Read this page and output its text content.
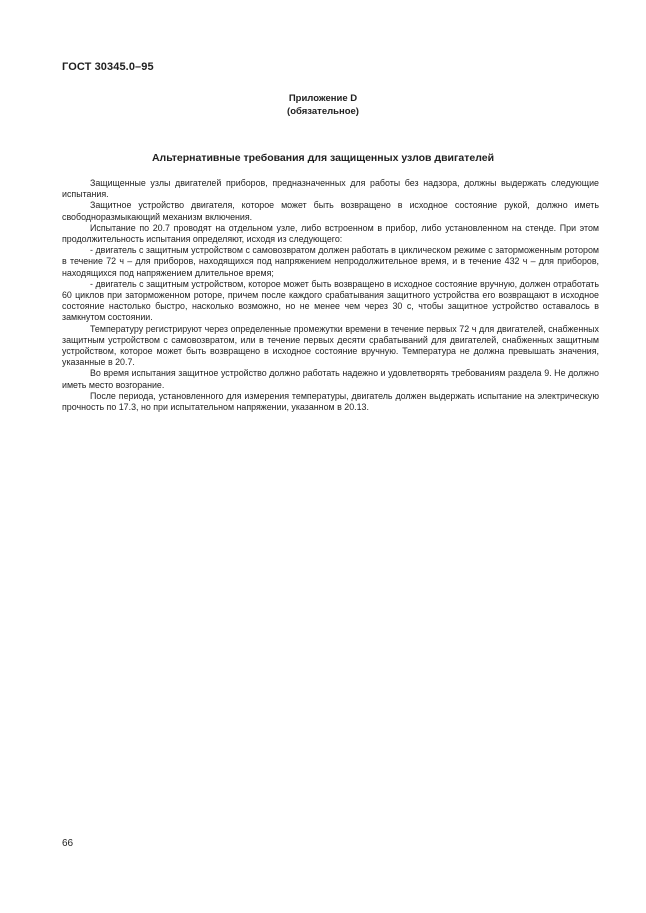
ГОСТ 30345.0–95
Приложение D
(обязательное)
Альтернативные требования для защищенных узлов двигателей

Защищенные узлы двигателей приборов, предназначенных для работы без надзора, должны выдержать следующие испытания.

Защитное устройство двигателя, которое может быть возвращено в исходное состояние рукой, должно иметь свободноразмыкающий механизм включения.

Испытание по 20.7 проводят на отдельном узле, либо встроенном в прибор, либо установленном на стенде. При этом продолжительность испытания определяют, исходя из следующего:

- двигатель с защитным устройством с самовозвратом должен работать в циклическом режиме с заторможенным ротором в течение 72 ч – для приборов, находящихся под напряжением непродолжительное время, и в течение 432 ч – для приборов, находящихся под напряжением длительное время;

- двигатель с защитным устройством, которое может быть возвращено в исходное состояние вручную, должен отработать 60 циклов при заторможенном роторе, причем после каждого срабатывания защитного устройства его возвращают в исходное состояние настолько быстро, насколько возможно, но не менее чем через 30 с, чтобы защитное устройство оставалось в замкнутом состоянии.

Температуру регистрируют через определенные промежутки времени в течение первых 72 ч для двигателей, снабженных защитным устройством с самовозвратом, или в течение первых десяти срабатываний для двигателей, снабженных защитным устройством, которое может быть возвращено в исходное состояние вручную. Температура не должна превышать значения, указанные в 20.7.

Во время испытания защитное устройство должно работать надежно и удовлетворять требованиям раздела 9. Не должно иметь место возгорание.

После периода, установленного для измерения температуры, двигатель должен выдержать испытание на электрическую прочность по 17.3, но при испытательном напряжении, указанном в 20.13.

66
